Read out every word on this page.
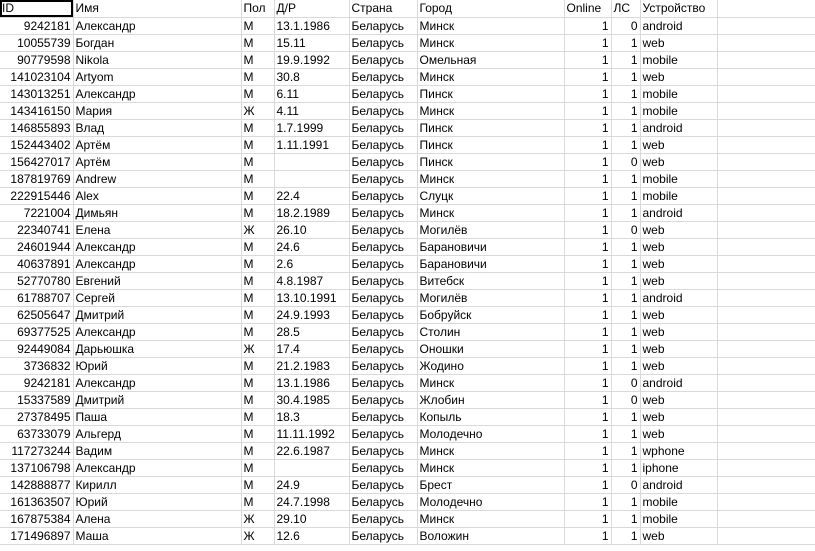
ID	Имя	Пол	Д/Р	Страна	Город	Online	ЛС	Устройство	
9242181	Александр	М	13.1.1986	Беларусь	Минск	1	0	android	
10055739	Богдан	М	15.11	Беларусь	Минск	1	1	web	
90779598	Nikola	М	19.9.1992	Беларусь	Омельная	1	1	mobile	
141023104	Artyom	М	30.8	Беларусь	Минск	1	1	web	
143013251	Александр	М	6.11	Беларусь	Пинск	1	1	mobile	
143416150	Мария	Ж	4.11	Беларусь	Минск	1	1	mobile	
146855893	Влад	М	1.7.1999	Беларусь	Пинск	1	1	android	
152443402	Артём	М	1.11.1991	Беларусь	Пинск	1	1	web	
156427017	Артём	М		Беларусь	Пинск	1	0	web	
187819769	Andrew	М		Беларусь	Минск	1	1	mobile	
222915446	Alex	М	22.4	Беларусь	Слуцк	1	1	mobile	
7221004	Димьян	М	18.2.1989	Беларусь	Минск	1	1	android	
22340741	Елена	Ж	26.10	Беларусь	Могилёв	1	0	web	
24601944	Александр	М	24.6	Беларусь	Барановичи	1	1	web	
40637891	Александр	М	2.6	Беларусь	Барановичи	1	1	web	
52770780	Евгений	М	4.8.1987	Беларусь	Витебск	1	1	web	
61788707	Сергей	М	13.10.1991	Беларусь	Могилёв	1	1	android	
62505647	Дмитрий	М	24.9.1993	Беларусь	Бобруйск	1	1	web	
69377525	Александр	М	28.5	Беларусь	Столин	1	1	web	
92449084	Дарьюшка	Ж	17.4	Беларусь	Оношки	1	1	web	
3736832	Юрий	М	21.2.1983	Беларусь	Жодино	1	1	web	
9242181	Александр	М	13.1.1986	Беларусь	Минск	1	0	android	
15337589	Дмитрий	М	30.4.1985	Беларусь	Жлобин	1	0	web	
27378495	Паша	М	18.3	Беларусь	Копыль	1	1	web	
63733079	Альгерд	М	11.11.1992	Беларусь	Молодечно	1	1	web	
117273244	Вадим	М	22.6.1987	Беларусь	Минск	1	1	wphone	
137106798	Александр	М		Беларусь	Минск	1	1	iphone	
142888877	Кирилл	М	24.9	Беларусь	Брест	1	0	android	
161363507	Юрий	М	24.7.1998	Беларусь	Молодечно	1	1	mobile	
167875384	Алена	Ж	29.10	Беларусь	Минск	1	1	mobile	
171496897	Маша	Ж	12.6	Беларусь	Воложин	1	1	web	
